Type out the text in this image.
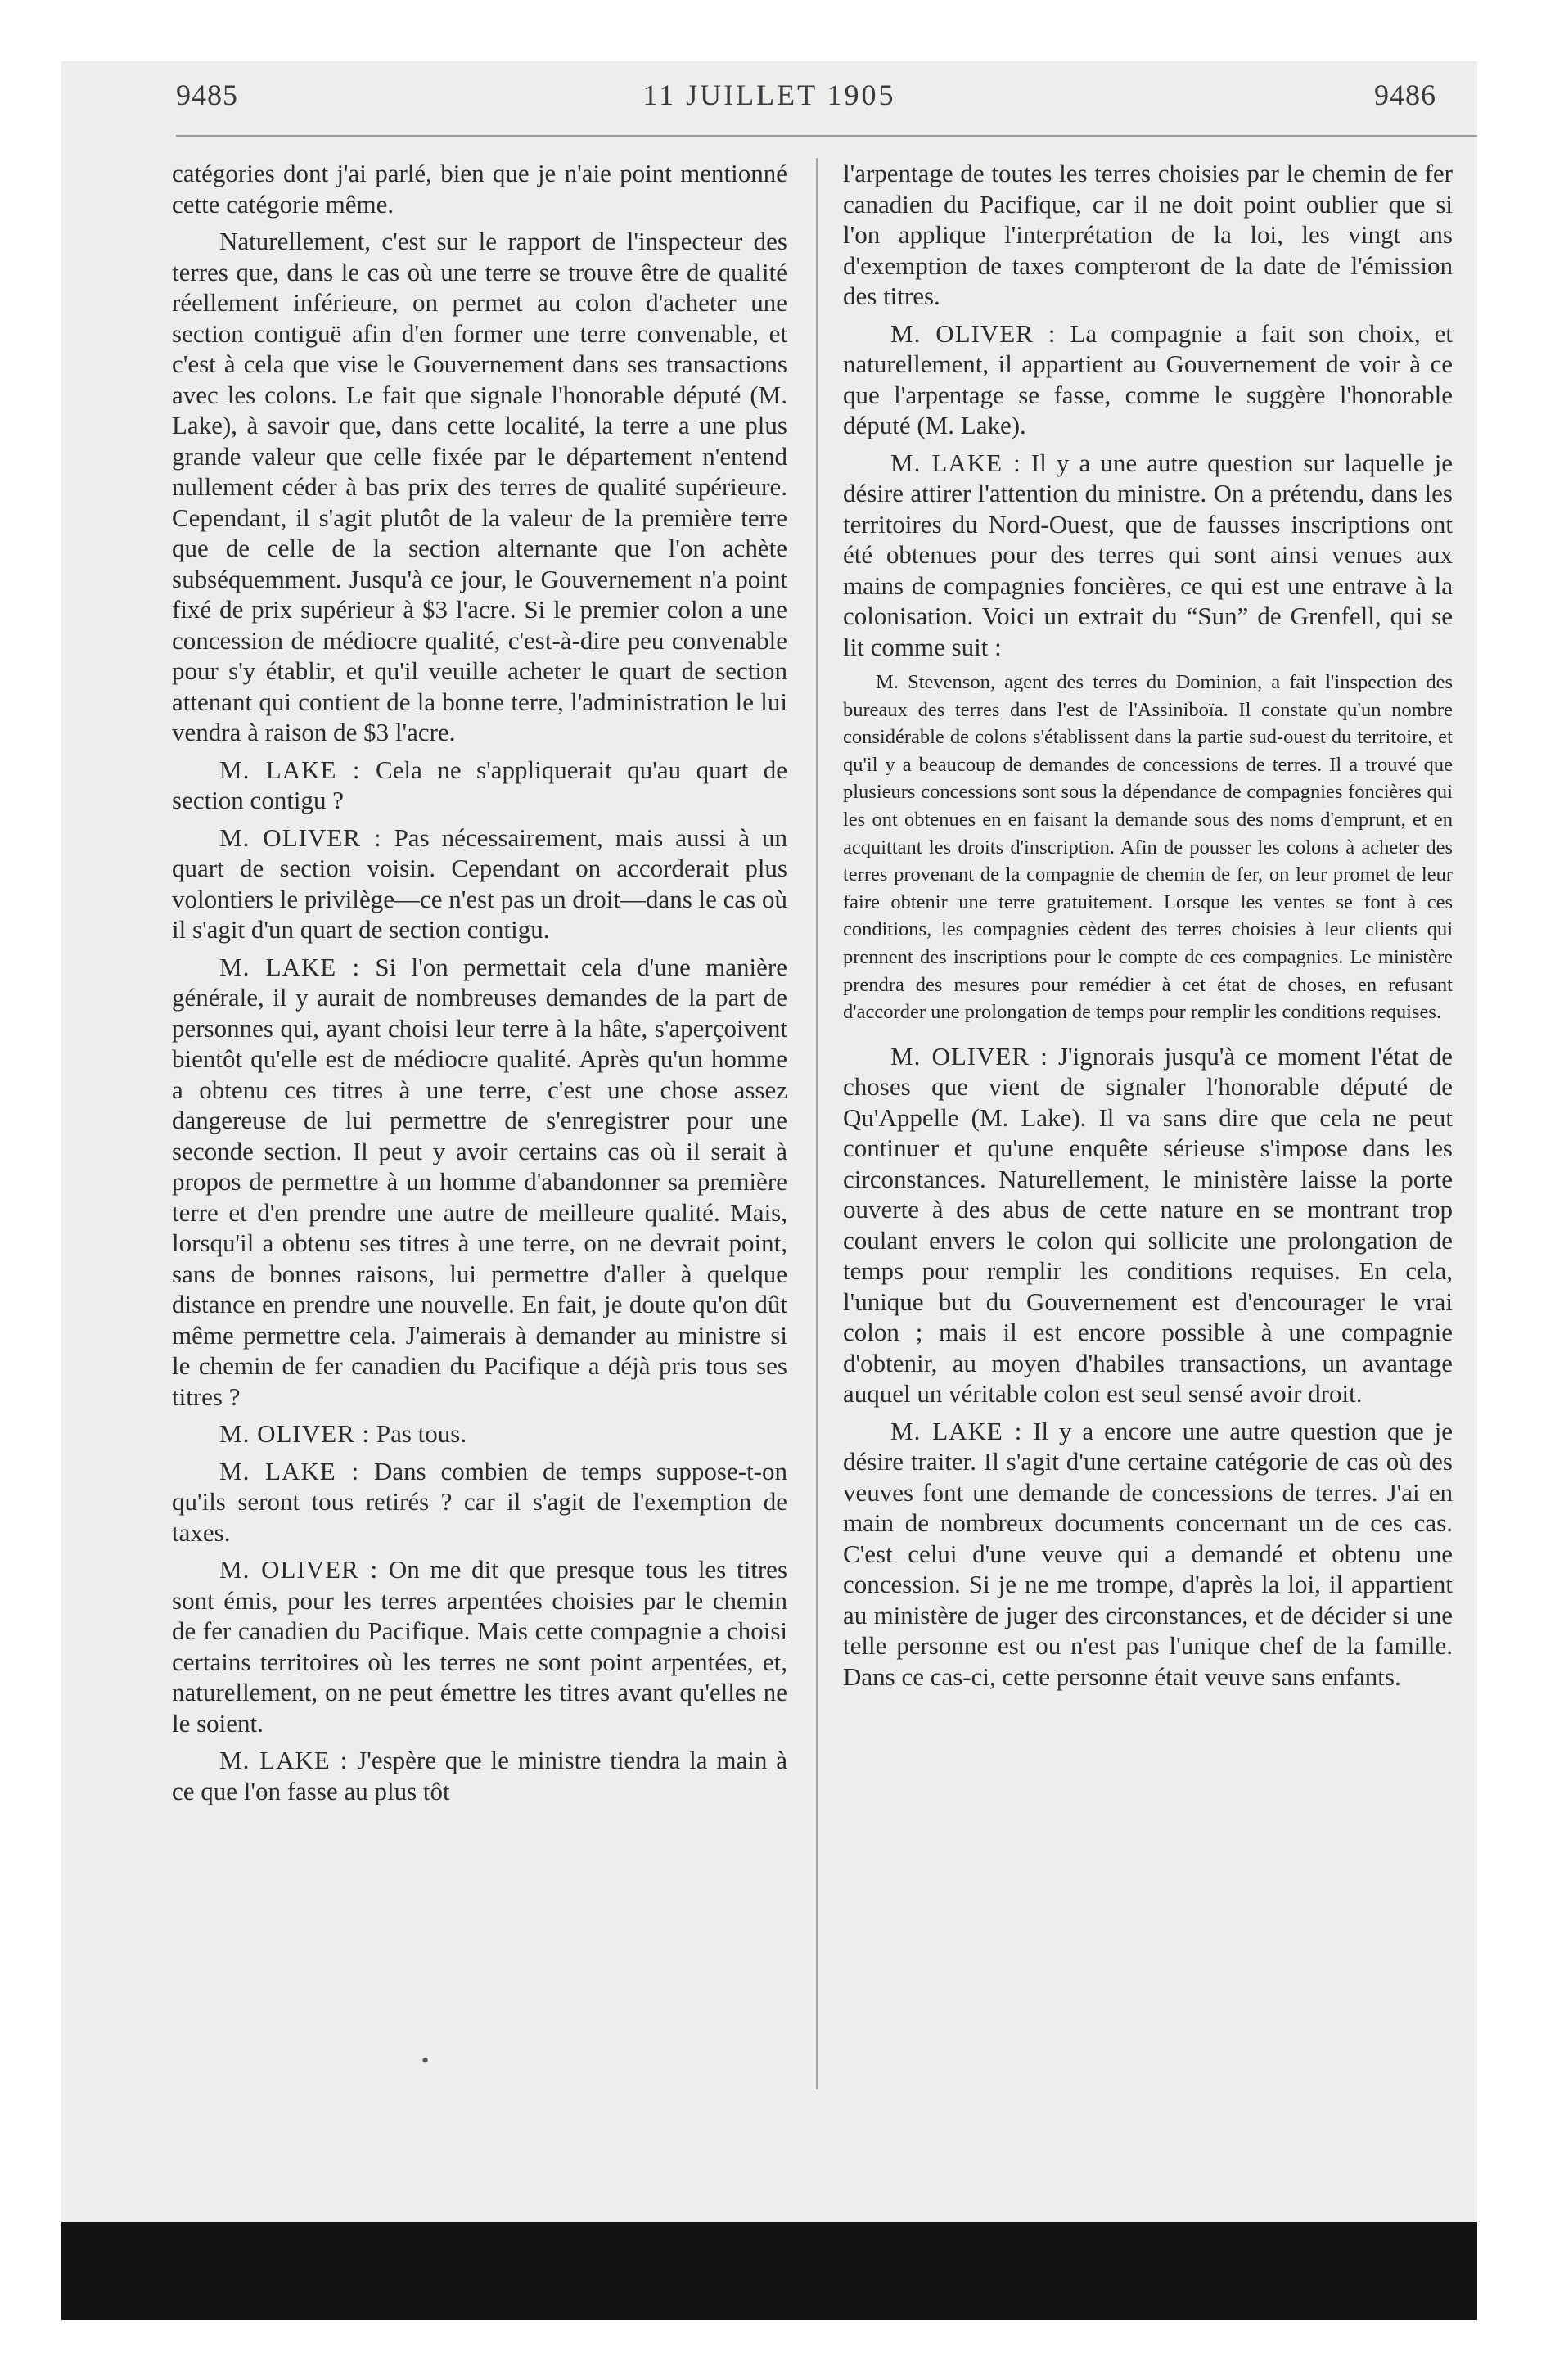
9485	11 JUILLET 1905	9486

catégories dont j'ai parlé, bien que je n'aie point mentionné cette catégorie même.

Naturellement, c'est sur le rapport de l'inspecteur des terres que, dans le cas où une terre se trouve être de qualité réellement inférieure, on permet au colon d'acheter une section contiguë afin d'en former une terre convenable, et c'est à cela que vise le Gouvernement dans ses transactions avec les colons. Le fait que signale l'honorable député (M. Lake), à savoir que, dans cette localité, la terre a une plus grande valeur que celle fixée par le département n'entend nullement céder à bas prix des terres de qualité supérieure. Cependant, il s'agit plutôt de la valeur de la première terre que de celle de la section alternante que l'on achète subséquemment. Jusqu'à ce jour, le Gouvernement n'a point fixé de prix supérieur à $3 l'acre. Si le premier colon a une concession de médiocre qualité, c'est-à-dire peu convenable pour s'y établir, et qu'il veuille acheter le quart de section attenant qui contient de la bonne terre, l'administration le lui vendra à raison de $3 l'acre.

M. LAKE : Cela ne s'appliquerait qu'au quart de section contigu ?

M. OLIVER : Pas nécessairement, mais aussi à un quart de section voisin. Cependant on accorderait plus volontiers le privilège—ce n'est pas un droit—dans le cas où il s'agit d'un quart de section contigu.

M. LAKE : Si l'on permettait cela d'une manière générale, il y aurait de nombreuses demandes de la part de personnes qui, ayant choisi leur terre à la hâte, s'aperçoivent bientôt qu'elle est de médiocre qualité. Après qu'un homme a obtenu ces titres à une terre, c'est une chose assez dangereuse de lui permettre de s'enregistrer pour une seconde section. Il peut y avoir certains cas où il serait à propos de permettre à un homme d'abandonner sa première terre et d'en prendre une autre de meilleure qualité. Mais, lorsqu'il a obtenu ses titres à une terre, on ne devrait point, sans de bonnes raisons, lui permettre d'aller à quelque distance en prendre une nouvelle. En fait, je doute qu'on dût même permettre cela. J'aimerais à demander au ministre si le chemin de fer canadien du Pacifique a déjà pris tous ses titres ?

M. OLIVER : Pas tous.

M. LAKE : Dans combien de temps suppose-t-on qu'ils seront tous retirés ? car il s'agit de l'exemption de taxes.

M. OLIVER : On me dit que presque tous les titres sont émis, pour les terres arpentées choisies par le chemin de fer canadien du Pacifique. Mais cette compagnie a choisi certains territoires où les terres ne sont point arpentées, et, naturellement, on ne peut émettre les titres avant qu'elles ne le soient.

M. LAKE : J'espère que le ministre tiendra la main à ce que l'on fasse au plus tôt

l'arpentage de toutes les terres choisies par le chemin de fer canadien du Pacifique, car il ne doit point oublier que si l'on applique l'interprétation de la loi, les vingt ans d'exemption de taxes compteront de la date de l'émission des titres.

M. OLIVER : La compagnie a fait son choix, et naturellement, il appartient au Gouvernement de voir à ce que l'arpentage se fasse, comme le suggère l'honorable député (M. Lake).

M. LAKE : Il y a une autre question sur laquelle je désire attirer l'attention du ministre. On a prétendu, dans les territoires du Nord-Ouest, que de fausses inscriptions ont été obtenues pour des terres qui sont ainsi venues aux mains de compagnies foncières, ce qui est une entrave à la colonisation. Voici un extrait du “Sun” de Grenfell, qui se lit comme suit :

M. Stevenson, agent des terres du Dominion, a fait l'inspection des bureaux des terres dans l'est de l'Assiniboïa. Il constate qu'un nombre considérable de colons s'établissent dans la partie sud-ouest du territoire, et qu'il y a beaucoup de demandes de concessions de terres. Il a trouvé que plusieurs concessions sont sous la dépendance de compagnies foncières qui les ont obtenues en en faisant la demande sous des noms d'emprunt, et en acquittant les droits d'inscription. Afin de pousser les colons à acheter des terres provenant de la compagnie de chemin de fer, on leur promet de leur faire obtenir une terre gratuitement. Lorsque les ventes se font à ces conditions, les compagnies cèdent des terres choisies à leur clients qui prennent des inscriptions pour le compte de ces compagnies. Le ministère prendra des mesures pour remédier à cet état de choses, en refusant d'accorder une prolongation de temps pour remplir les conditions requises.

M. OLIVER : J'ignorais jusqu'à ce moment l'état de choses que vient de signaler l'honorable député de Qu'Appelle (M. Lake). Il va sans dire que cela ne peut continuer et qu'une enquête sérieuse s'impose dans les circonstances. Naturellement, le ministère laisse la porte ouverte à des abus de cette nature en se montrant trop coulant envers le colon qui sollicite une prolongation de temps pour remplir les conditions requises. En cela, l'unique but du Gouvernement est d'encourager le vrai colon ; mais il est encore possible à une compagnie d'obtenir, au moyen d'habiles transactions, un avantage auquel un véritable colon est seul sensé avoir droit.

M. LAKE : Il y a encore une autre question que je désire traiter. Il s'agit d'une certaine catégorie de cas où des veuves font une demande de concessions de terres. J'ai en main de nombreux documents concernant un de ces cas. C'est celui d'une veuve qui a demandé et obtenu une concession. Si je ne me trompe, d'après la loi, il appartient au ministère de juger des circonstances, et de décider si une telle personne est ou n'est pas l'unique chef de la famille. Dans ce cas-ci, cette personne était veuve sans enfants.

•
